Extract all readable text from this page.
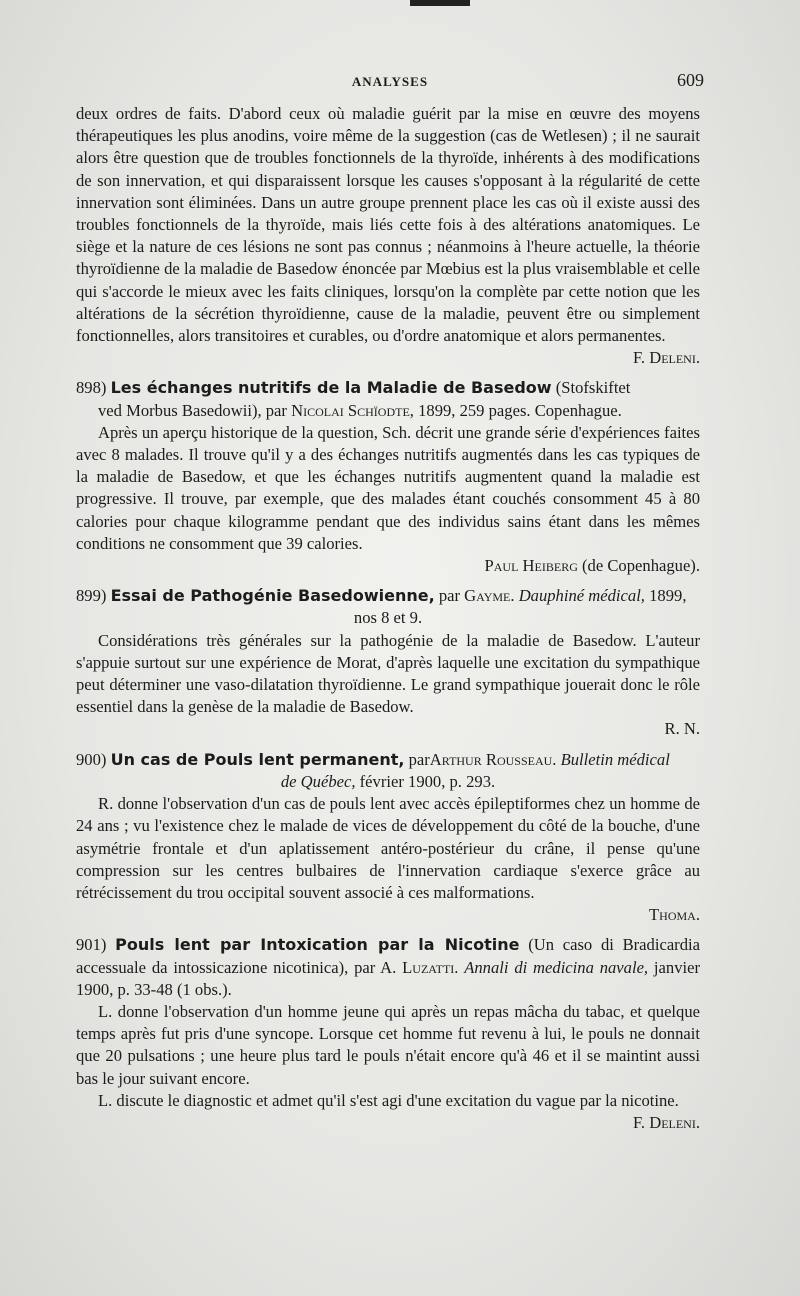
ANALYSES	609

deux ordres de faits. D'abord ceux où maladie guérit par la mise en œuvre des moyens thérapeutiques les plus anodins, voire même de la suggestion (cas de Wetlesen) ; il ne saurait alors être question que de troubles fonctionnels de la thyroïde, inhérents à des modifications de son innervation, et qui disparaissent lorsque les causes s'opposant à la régularité de cette innervation sont éliminées. Dans un autre groupe prennent place les cas où il existe aussi des troubles fonctionnels de la thyroïde, mais liés cette fois à des altérations anatomiques. Le siège et la nature de ces lésions ne sont pas connus ; néanmoins à l'heure actuelle, la théorie thyroïdienne de la maladie de Basedow énoncée par Mœbius est la plus vraisemblable et celle qui s'accorde le mieux avec les faits cliniques, lorsqu'on la complète par cette notion que les altérations de la sécrétion thyroïdienne, cause de la maladie, peuvent être ou simplement fonctionnelles, alors transitoires et curables, ou d'ordre anatomique et alors permanentes.

F. Deleni.

898) Les échanges nutritifs de la Maladie de Basedow (Stofskiftet
ved Morbus Basedowii), par Nicolai Schïodte, 1899, 259 pages. Copenhague.

Après un aperçu historique de la question, Sch. décrit une grande série d'expériences faites avec 8 malades. Il trouve qu'il y a des échanges nutritifs augmentés dans les cas typiques de la maladie de Basedow, et que les échanges nutritifs augmentent quand la maladie est progressive. Il trouve, par exemple, que des malades étant couchés consomment 45 à 80 calories pour chaque kilogramme pendant que des individus sains étant dans les mêmes conditions ne consomment que 39 calories.

Paul Heiberg (de Copenhague).

899) Essai de Pathogénie Basedowienne, par Gayme. Dauphiné médical, 1899,
nos 8 et 9.

Considérations très générales sur la pathogénie de la maladie de Basedow. L'auteur s'appuie surtout sur une expérience de Morat, d'après laquelle une excitation du sympathique peut déterminer une vaso-dilatation thyroïdienne. Le grand sympathique jouerait donc le rôle essentiel dans la genèse de la maladie de Basedow.

R. N.

900) Un cas de Pouls lent permanent, parArthur Rousseau. Bulletin médical
de Québec, février 1900, p. 293.

R. donne l'observation d'un cas de pouls lent avec accès épileptiformes chez un homme de 24 ans ; vu l'existence chez le malade de vices de développement du côté de la bouche, d'une asymétrie frontale et d'un aplatissement antéro-postérieur du crâne, il pense qu'une compression sur les centres bulbaires de l'innervation cardiaque s'exerce grâce au rétrécissement du trou occipital souvent associé à ces malformations.

Thoma.

901) Pouls lent par Intoxication par la Nicotine (Un caso di Bradicardia accessuale da intossicazione nicotinica), par A. Luzatti. Annali di medicina navale, janvier 1900, p. 33-48 (1 obs.).

L. donne l'observation d'un homme jeune qui après un repas mâcha du tabac, et quelque temps après fut pris d'une syncope. Lorsque cet homme fut revenu à lui, le pouls ne donnait que 20 pulsations ; une heure plus tard le pouls n'était encore qu'à 46 et il se maintint aussi bas le jour suivant encore.

L. discute le diagnostic et admet qu'il s'est agi d'une excitation du vague par la nicotine.

F. Deleni.
